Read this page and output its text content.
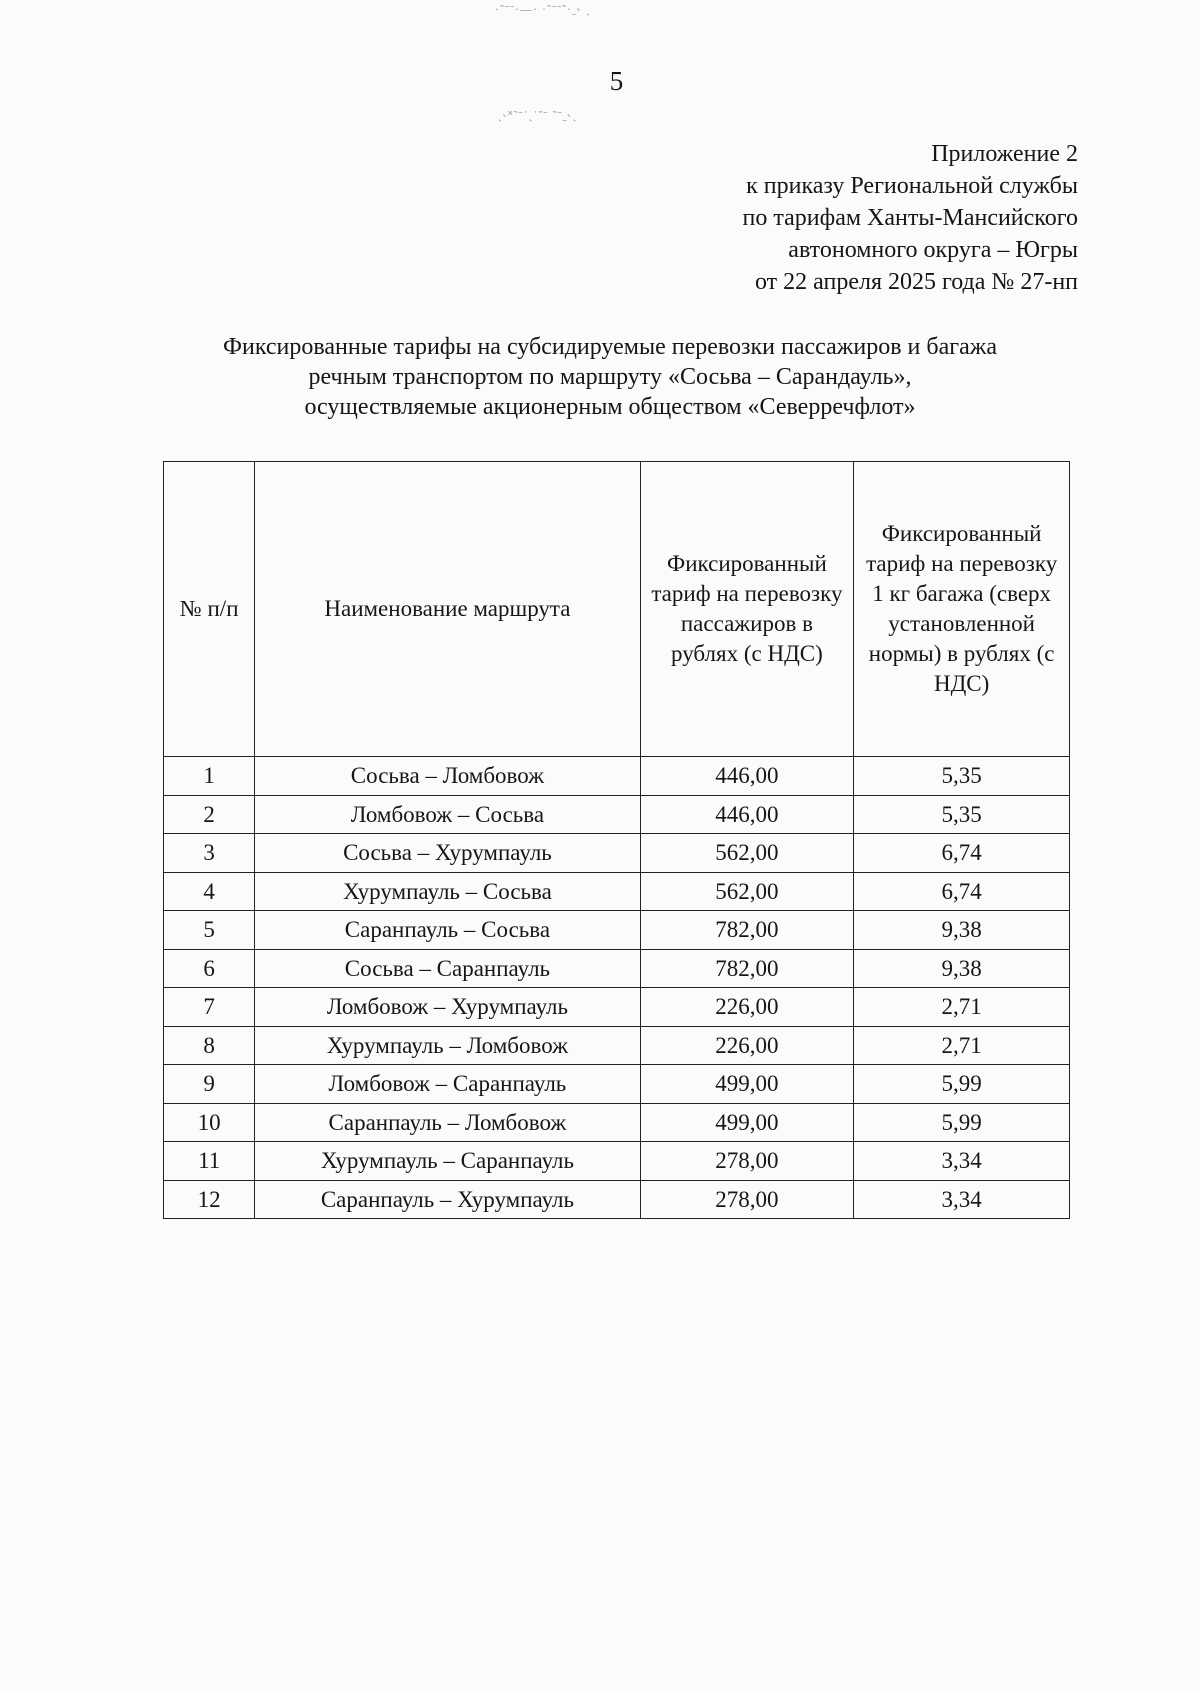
·˜ˉˉ·—· ·˜ˉˉ˜·ˍ˞ ˎ
ˎ˞˟˜ˉ˙ˎ˙˘ˉ ˜ˉˍ˞ˎ
5
Приложение 2
к приказу Региональной службы
по тарифам Ханты-Мансийского
автономного округа – Югры
от 22 апреля 2025 года № 27-нп
Фиксированные тарифы на субсидируемые перевозки пассажиров и багажа
речным транспортом по маршруту «Сосьва – Сарандауль»,
осуществляемые акционерным обществом «Северречфлот»
№ п/п	Наименование маршрута	Фиксированный тариф на перевозку пассажиров в рублях (с НДС)	Фиксированный тариф на перевозку 1 кг багажа (сверх установленной нормы) в рублях (с НДС)
1	Сосьва – Ломбовож	446,00	5,35
2	Ломбовож – Сосьва	446,00	5,35
3	Сосьва – Хурумпауль	562,00	6,74
4	Хурумпауль – Сосьва	562,00	6,74
5	Саранпауль – Сосьва	782,00	9,38
6	Сосьва – Саранпауль	782,00	9,38
7	Ломбовож – Хурумпауль	226,00	2,71
8	Хурумпауль – Ломбовож	226,00	2,71
9	Ломбовож – Саранпауль	499,00	5,99
10	Саранпауль – Ломбовож	499,00	5,99
11	Хурумпауль – Саранпауль	278,00	3,34
12	Саранпауль – Хурумпауль	278,00	3,34
